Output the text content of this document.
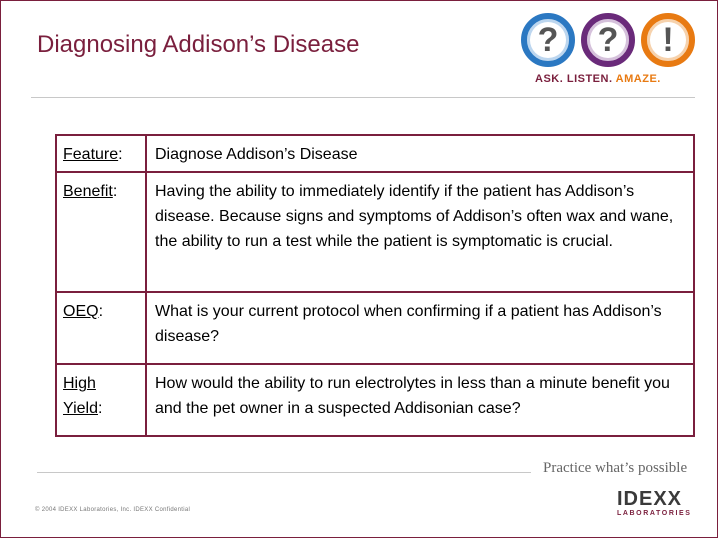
Diagnosing Addison’s Disease	? ? !
ASK. LISTEN. AMAZE.
Feature:	Diagnose Addison’s Disease
Benefit:	Having the ability to immediately identify if the patient has Addison’s disease. Because signs and symptoms of Addison’s often wax and wane, the ability to run a test while the patient is symptomatic is crucial.
OEQ:	What is your current protocol when confirming if a patient has Addison’s disease?
High
Yield:	How would the ability to run electrolytes in less than a minute benefit you and the pet owner in a suspected Addisonian case?
Practice what’s possible
© 2004 IDEXX Laboratories, Inc. IDEXX Confidential	IDEXX
LABORATORIES
